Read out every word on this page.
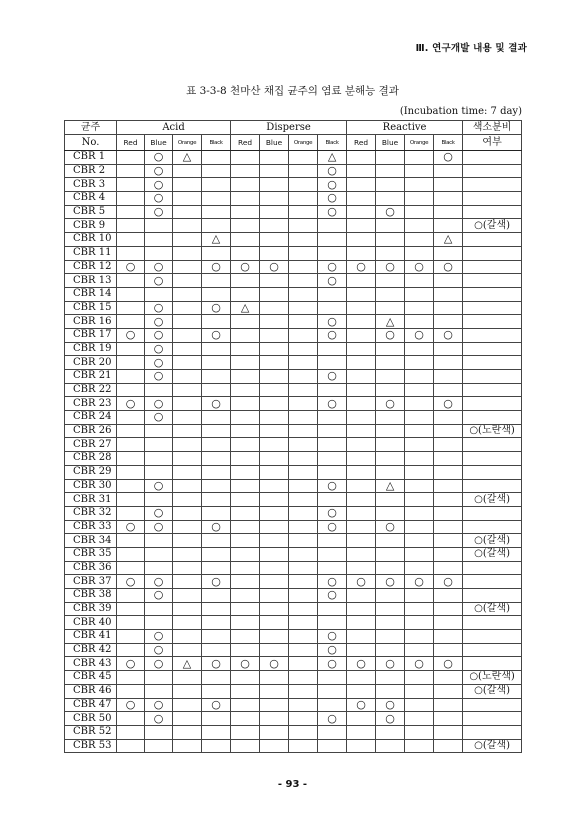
Ⅲ. 연구개발 내용 및 결과
표 3-3-8 천마산 채집 균주의 염료 분해능 결과
(Incubation time: 7 day)
균주	Acid				Disperse				Reactive				색소분비
No.	Red	Blue	Orange	Black	Red	Blue	Orange	Black	Red	Blue	Orange	Black	여부
CBR 1		○	△					△				○	
CBR 2		○						○					
CBR 3		○						○					
CBR 4		○						○					
CBR 5		○						○		○			
CBR 9													○(갈색)
CBR 10				△								△	
CBR 11													
CBR 12	○	○		○	○	○		○	○	○	○	○	
CBR 13		○						○					
CBR 14													
CBR 15		○		○	△								
CBR 16		○						○		△			
CBR 17	○	○		○				○		○	○	○	
CBR 19		○											
CBR 20		○											
CBR 21		○						○					
CBR 22													
CBR 23	○	○		○				○		○		○	
CBR 24		○											
CBR 26													○(노란색)
CBR 27													
CBR 28													
CBR 29													
CBR 30		○						○		△			
CBR 31													○(갈색)
CBR 32		○						○					
CBR 33	○	○		○				○		○			
CBR 34													○(갈색)
CBR 35													○(갈색)
CBR 36													
CBR 37	○	○		○				○	○	○	○	○	
CBR 38		○						○					
CBR 39													○(갈색)
CBR 40													
CBR 41		○						○					
CBR 42		○						○					
CBR 43	○	○	△	○	○	○		○	○	○	○	○	
CBR 45													○(노란색)
CBR 46													○(갈색)
CBR 47	○	○		○					○	○			
CBR 50		○						○		○			
CBR 52													
CBR 53													○(갈색)
- 93 -
